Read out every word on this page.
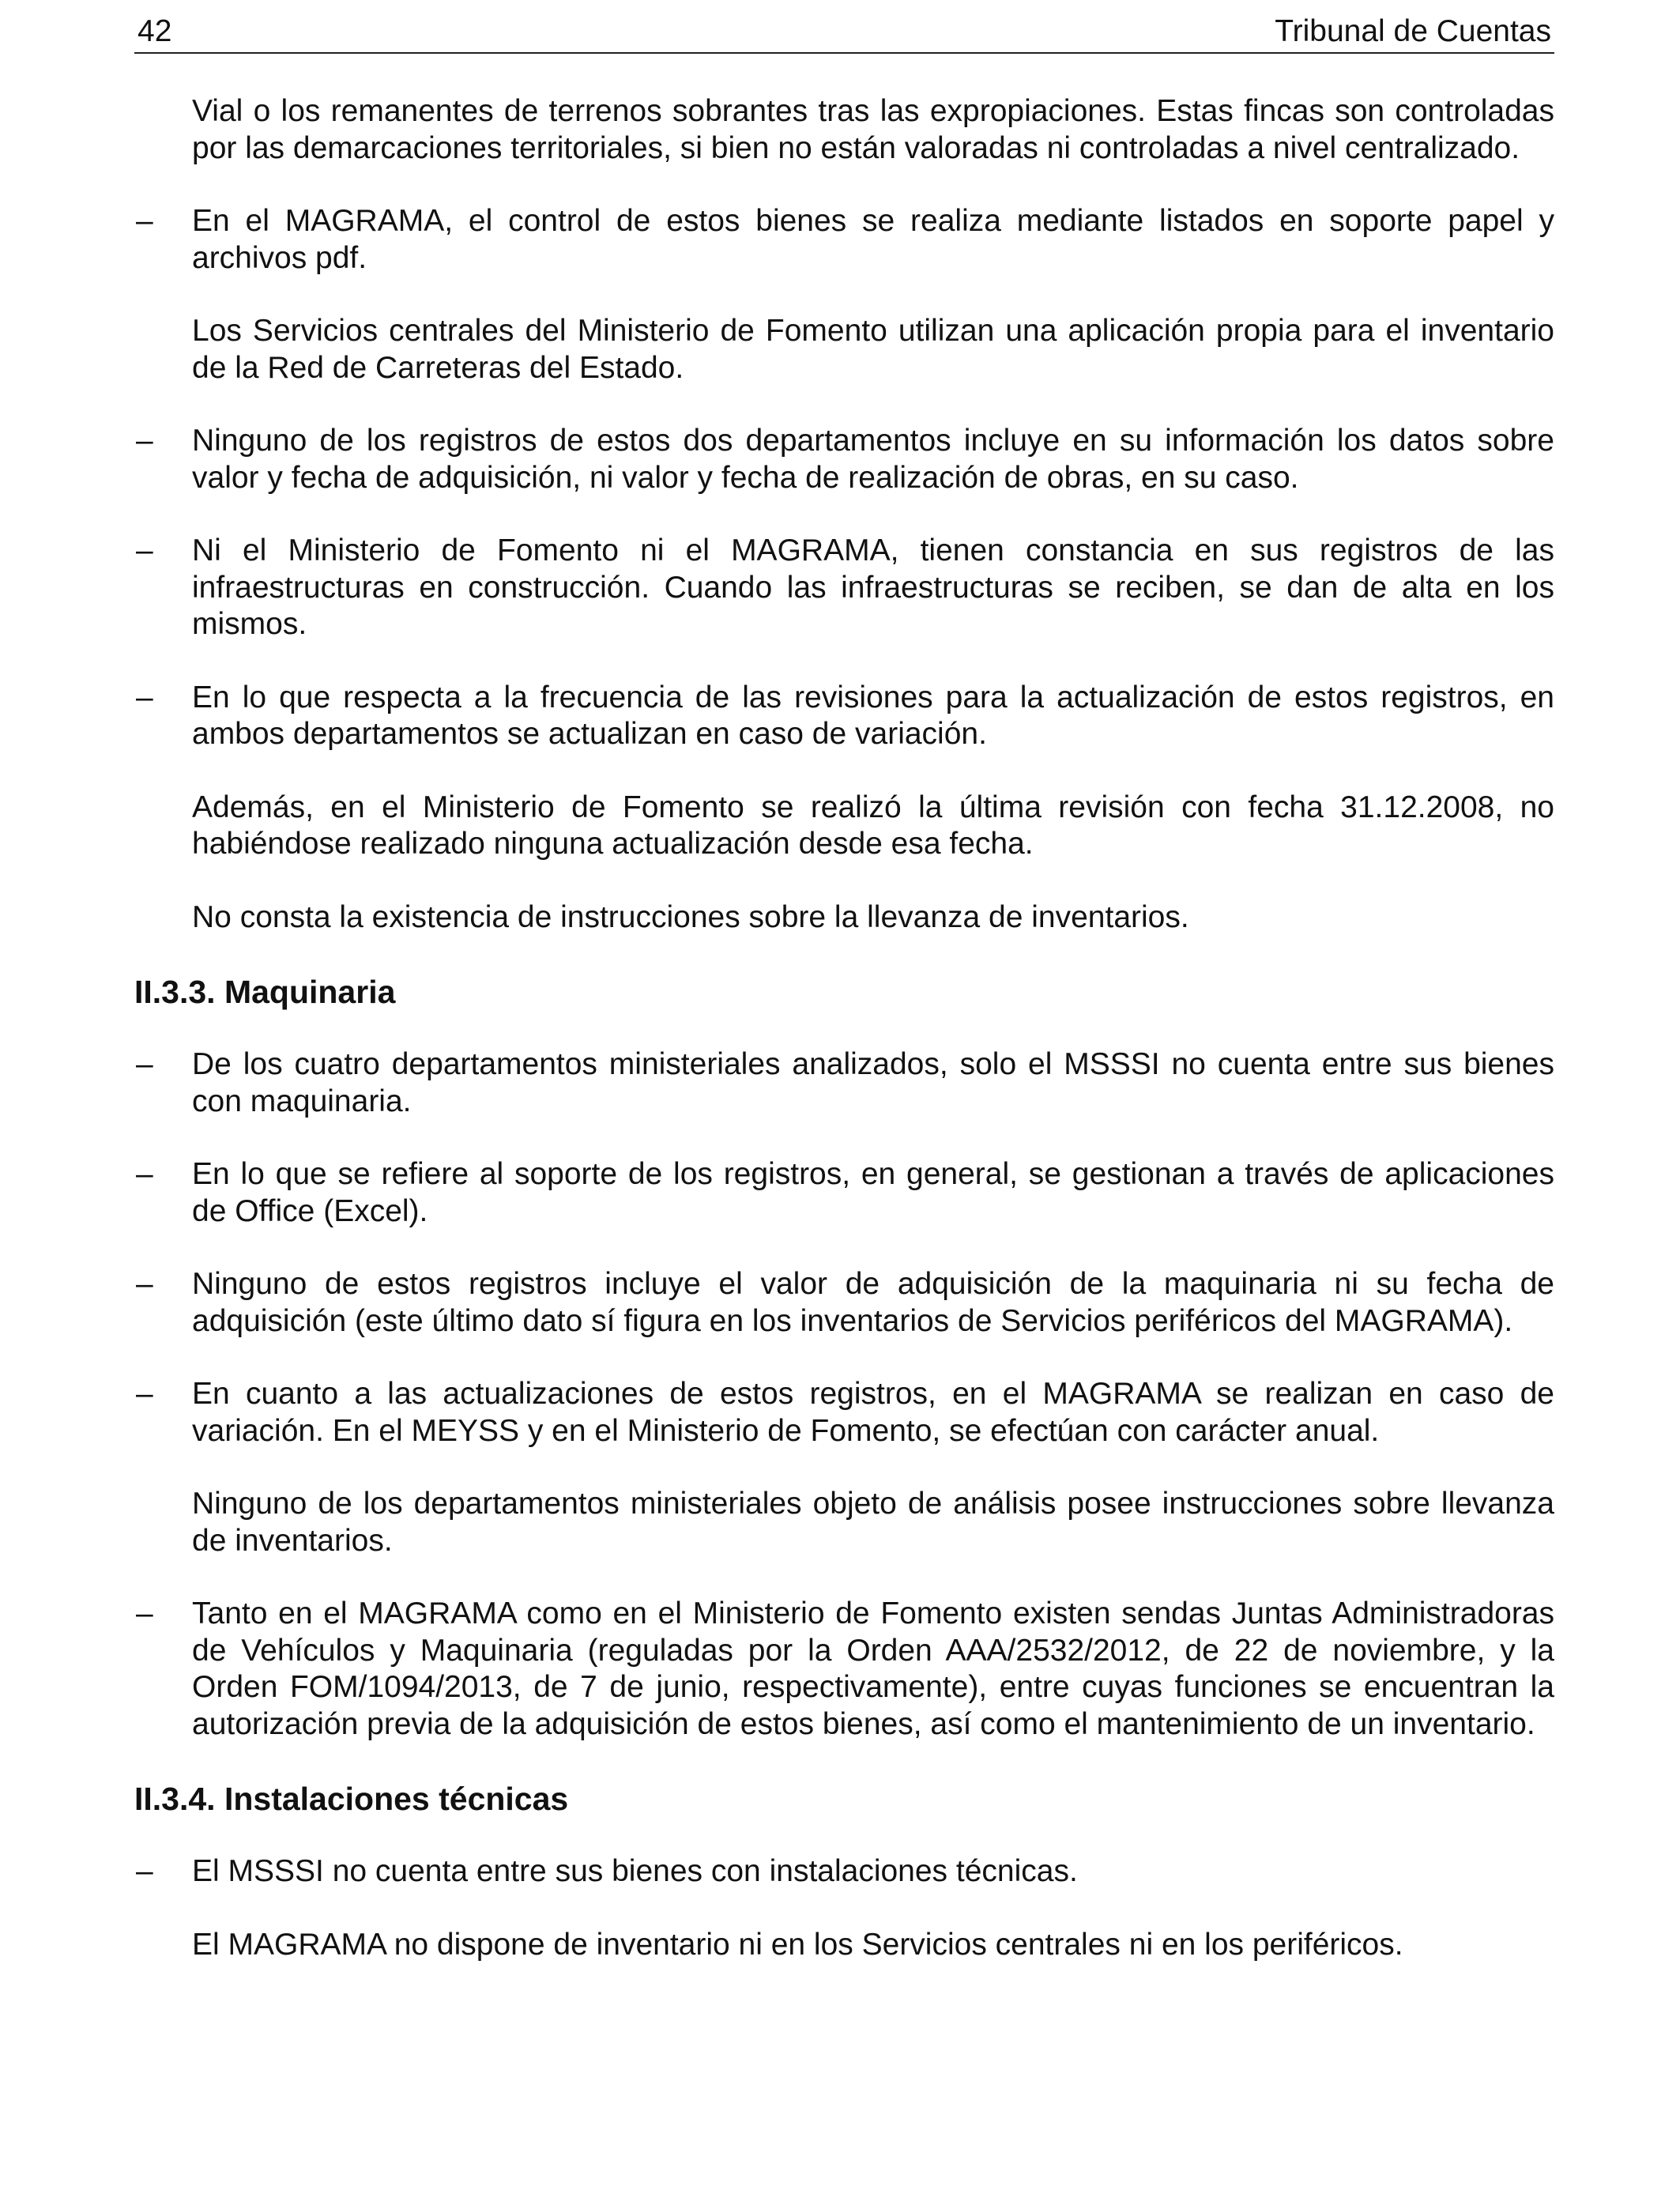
42	Tribunal de Cuentas
Vial o los remanentes de terrenos sobrantes tras las expropiaciones. Estas fincas son controladas por las demarcaciones territoriales, si bien no están valoradas ni controladas a nivel centralizado.
– En el MAGRAMA, el control de estos bienes se realiza mediante listados en soporte papel y archivos pdf.
Los Servicios centrales del Ministerio de Fomento utilizan una aplicación propia para el inventario de la Red de Carreteras del Estado.
– Ninguno de los registros de estos dos departamentos incluye en su información los datos sobre valor y fecha de adquisición, ni valor y fecha de realización de obras, en su caso.
– Ni el Ministerio de Fomento ni el MAGRAMA, tienen constancia en sus registros de las infraestructuras en construcción. Cuando las infraestructuras se reciben, se dan de alta en los mismos.
– En lo que respecta a la frecuencia de las revisiones para la actualización de estos registros, en ambos departamentos se actualizan en caso de variación.
Además, en el Ministerio de Fomento se realizó la última revisión con fecha 31.12.2008, no habiéndose realizado ninguna actualización desde esa fecha.
No consta la existencia de instrucciones sobre la llevanza de inventarios.
II.3.3. Maquinaria
– De los cuatro departamentos ministeriales analizados, solo el MSSSI no cuenta entre sus bienes con maquinaria.
– En lo que se refiere al soporte de los registros, en general, se gestionan a través de aplicaciones de Office (Excel).
– Ninguno de estos registros incluye el valor de adquisición de la maquinaria ni su fecha de adquisición (este último dato sí figura en los inventarios de Servicios periféricos del MAGRAMA).
– En cuanto a las actualizaciones de estos registros, en el MAGRAMA se realizan en caso de variación. En el MEYSS y en el Ministerio de Fomento, se efectúan con carácter anual.
Ninguno de los departamentos ministeriales objeto de análisis posee instrucciones sobre llevanza de inventarios.
– Tanto en el MAGRAMA como en el Ministerio de Fomento existen sendas Juntas Administradoras de Vehículos y Maquinaria (reguladas por la Orden AAA/2532/2012, de 22 de noviembre, y la Orden FOM/1094/2013, de 7 de junio, respectivamente), entre cuyas funciones se encuentran la autorización previa de la adquisición de estos bienes, así como el mantenimiento de un inventario.
II.3.4. Instalaciones técnicas
– El MSSSI no cuenta entre sus bienes con instalaciones técnicas.
El MAGRAMA no dispone de inventario ni en los Servicios centrales ni en los periféricos.
